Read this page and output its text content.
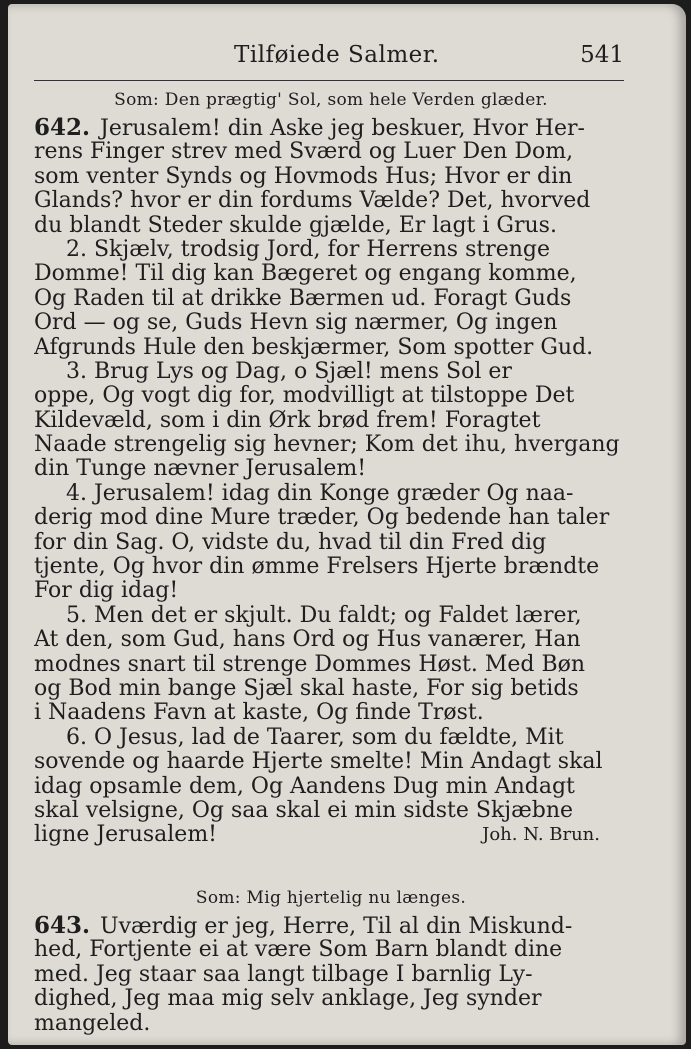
Tilføiede Salmer.	541
Som: Den prægtig' Sol, som hele Verden glæder.
642. Jerusalem! din Aske jeg beskuer, Hvor Her-
rens Finger strev med Sværd og Luer Den Dom,
som venter Synds og Hovmods Hus; Hvor er din
Glands? hvor er din fordums Vælde? Det, hvorved
du blandt Steder skulde gjælde, Er lagt i Grus.
2. Skjælv, trodsig Jord, for Herrens strenge
Domme! Til dig kan Bægeret og engang komme,
Og Raden til at drikke Bærmen ud. Foragt Guds
Ord — og se, Guds Hevn sig nærmer, Og ingen
Afgrunds Hule den beskjærmer, Som spotter Gud.
3. Brug Lys og Dag, o Sjæl! mens Sol er
oppe, Og vogt dig for, modvilligt at tilstoppe Det
Kildevæld, som i din Ørk brød frem! Foragtet
Naade strengelig sig hevner; Kom det ihu, hvergang
din Tunge nævner Jerusalem!
4. Jerusalem! idag din Konge græder Og naa-
derig mod dine Mure træder, Og bedende han taler
for din Sag. O, vidste du, hvad til din Fred dig
tjente, Og hvor din ømme Frelsers Hjerte brændte
For dig idag!
5. Men det er skjult. Du faldt; og Faldet lærer,
At den, som Gud, hans Ord og Hus vanærer, Han
modnes snart til strenge Dommes Høst. Med Bøn
og Bod min bange Sjæl skal haste, For sig betids
i Naadens Favn at kaste, Og finde Trøst.
6. O Jesus, lad de Taarer, som du fældte, Mit
sovende og haarde Hjerte smelte! Min Andagt skal
idag opsamle dem, Og Aandens Dug min Andagt
skal velsigne, Og saa skal ei min sidste Skjæbne
ligne Jerusalem!	Joh. N. Brun.
Som: Mig hjertelig nu længes.
643. Uværdig er jeg, Herre, Til al din Miskund-
hed, Fortjente ei at være Som Barn blandt dine
med. Jeg staar saa langt tilbage I barnlig Ly-
dighed, Jeg maa mig selv anklage, Jeg synder
mangeled.
